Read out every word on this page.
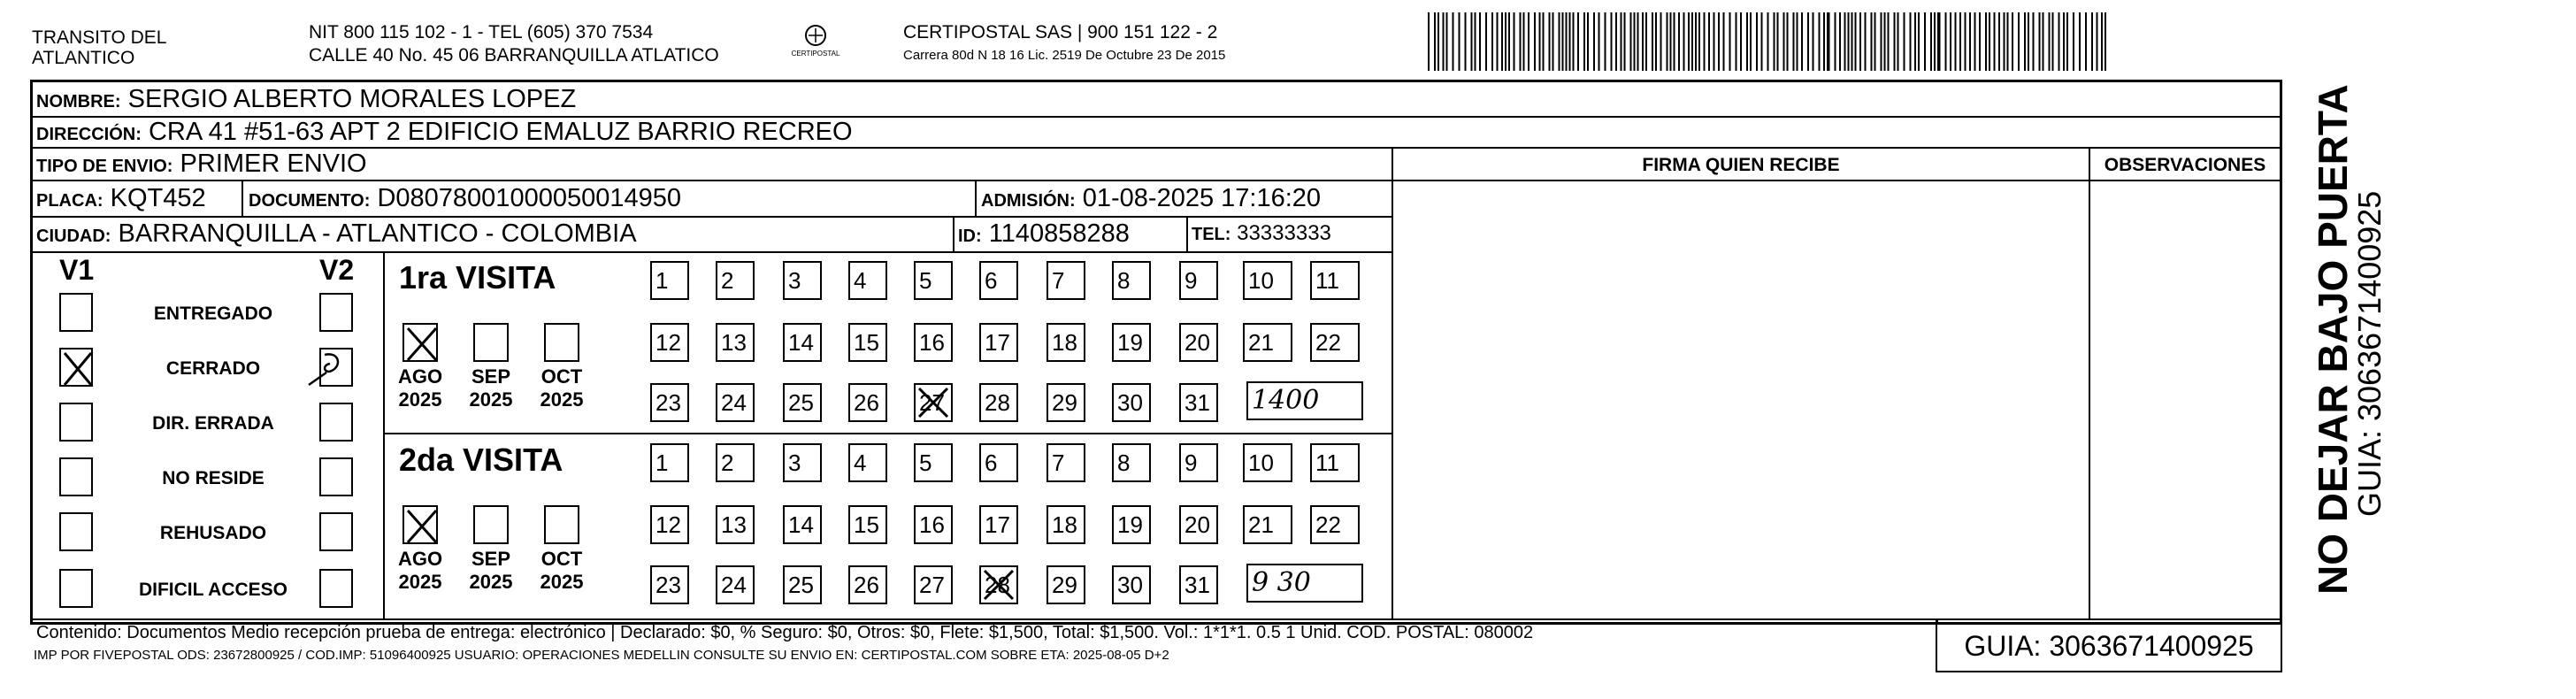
TRANSITO DEL
ATLANTICO
NIT 800 115 102 - 1 - TEL (605) 370 7534
CALLE 40 No. 45 06 BARRANQUILLA ATLATICO	CERTIPOSTAL
CERTIPOSTAL SAS | 900 151 122 - 2
Carrera 80d N 18 16 Lic. 2519 De Octubre 23 De 2015
NOMBRE: SERGIO ALBERTO MORALES LOPEZ
DIRECCIÓN: CRA 41 #51-63 APT 2 EDIFICIO EMALUZ BARRIO RECREO
TIPO DE ENVIO: PRIMER ENVIO	FIRMA QUIEN RECIBE	OBSERVACIONES
PLACA: KQT452 DOCUMENTO: D08078001000050014950	ADMISIÓN: 01-08-2025 17:16:20
CIUDAD: BARRANQUILLA - ATLANTICO - COLOMBIA	ID: 1140858288	TEL: 33333333
V1	V2
ENTREGADO
CERRADO
DIR. ERRADA
NO RESIDE
REHUSADO
DIFICIL ACCESO
1ra VISITA
AGO
2025
SEP
2025
OCT
2025
1	2	3	4	5	6	7	8	9	10	11
12	13	14	15	16	17	18	19	20	21	22
23	24	25	26	27	28	29	30	31	1400
2da VISITA
AGO
2025
SEP
2025
OCT
2025
1	2	3	4	5	6	7	8	9	10	11
12	13	14	15	16	17	18	19	20	21	22
23	24	25	26	27	28	29	30	31	9 30
Contenido: Documentos Medio recepción prueba de entrega: electrónico | Declarado: $0, % Seguro: $0, Otros: $0, Flete: $1,500, Total: $1,500. Vol.: 1*1*1. 0.5 1 Unid. COD. POSTAL: 080002
IMP POR FIVEPOSTAL ODS: 23672800925 / COD.IMP: 51096400925 USUARIO: OPERACIONES MEDELLIN CONSULTE SU ENVIO EN: CERTIPOSTAL.COM SOBRE ETA: 2025-08-05 D+2	GUIA: 3063671400925
NO DEJAR BAJO PUERTA
GUIA: 3063671400925
